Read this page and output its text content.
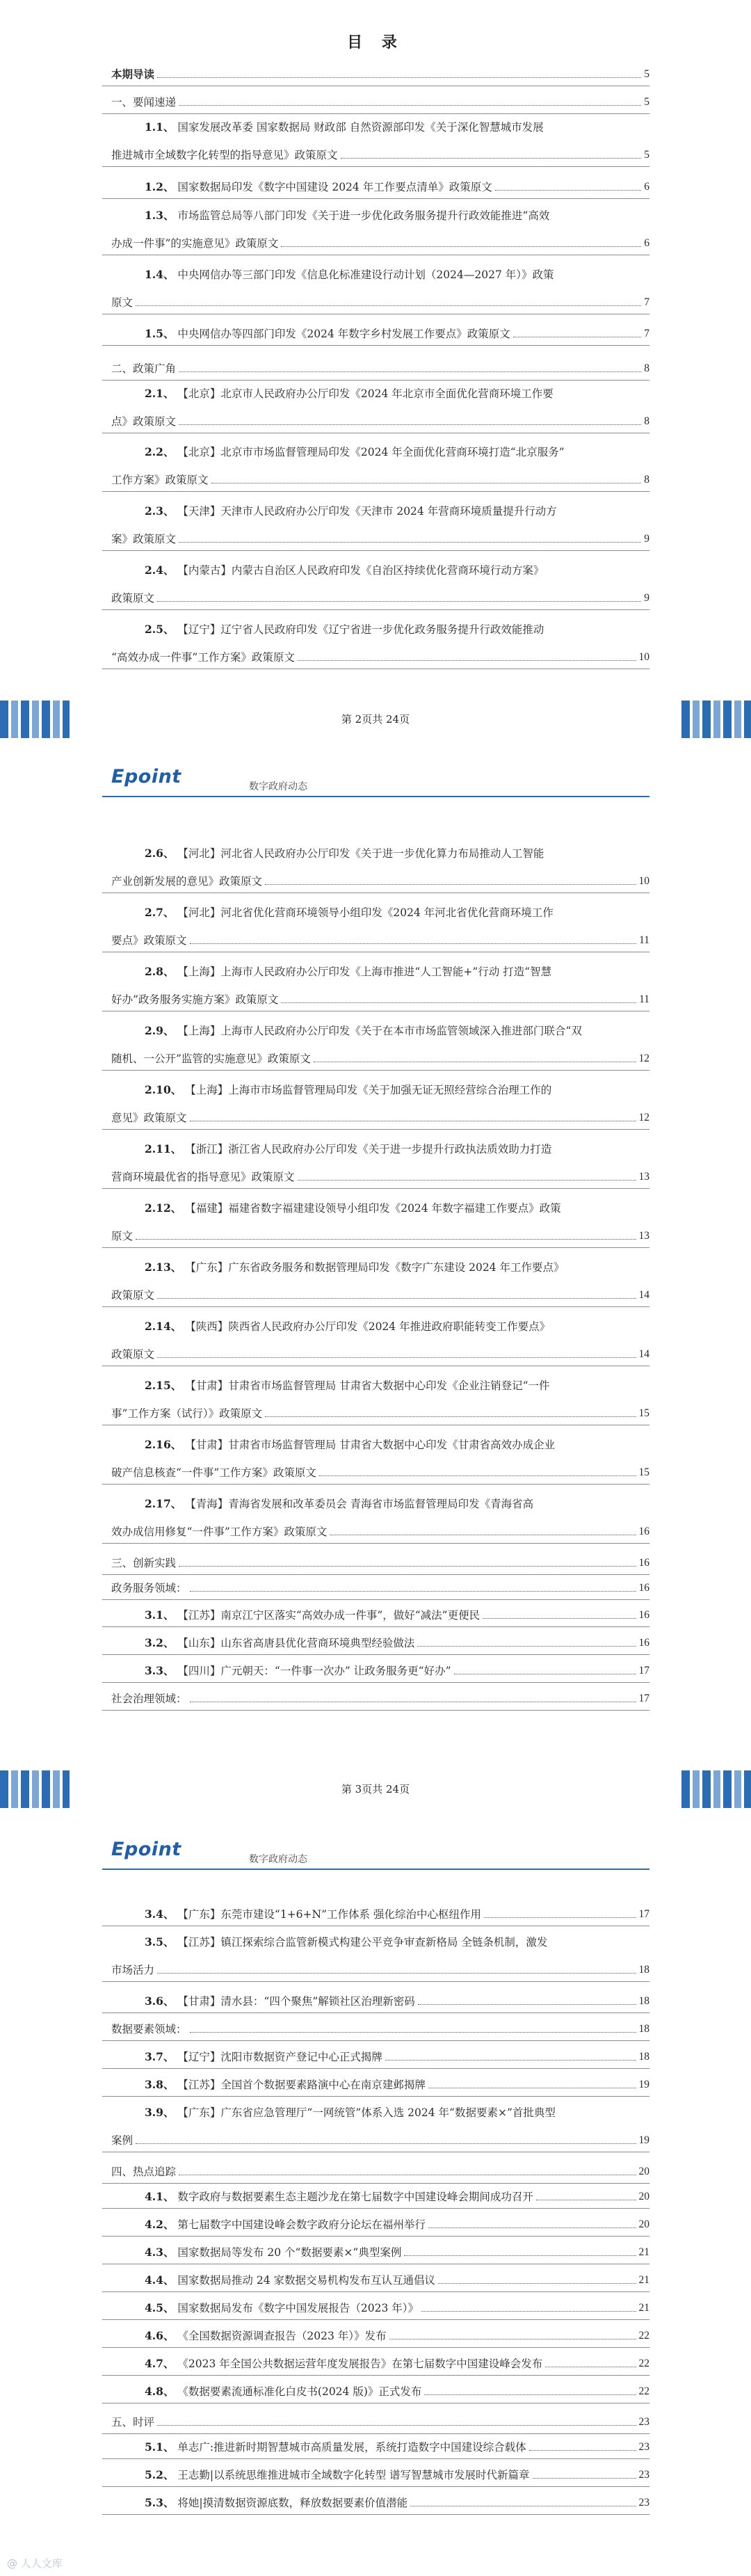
目 录
第 2页共 24页
Epoint	数字政府动态
第 3页共 24页
Epoint	数字政府动态
本期导读	5
一、要闻速递	5
1.1、 国家发展改革委 国家数据局 财政部 自然资源部印发《关于深化智慧城市发展
推进城市全域数字化转型的指导意见》政策原文	5
1.2、 国家数据局印发《数字中国建设 2024 年工作要点清单》政策原文	6
1.3、 市场监管总局等八部门印发《关于进一步优化政务服务提升行政效能推进“高效
办成一件事”的实施意见》政策原文	6
1.4、 中央网信办等三部门印发《信息化标准建设行动计划（2024—2027 年）》政策
原文	7
1.5、 中央网信办等四部门印发《2024 年数字乡村发展工作要点》政策原文	7
二、政策广角	8
2.1、 【北京】北京市人民政府办公厅印发《2024 年北京市全面优化营商环境工作要
点》政策原文	8
2.2、 【北京】北京市市场监督管理局印发《2024 年全面优化营商环境打造“北京服务”
工作方案》政策原文	8
2.3、 【天津】天津市人民政府办公厅印发《天津市 2024 年营商环境质量提升行动方
案》政策原文	9
2.4、 【内蒙古】内蒙古自治区人民政府印发《自治区持续优化营商环境行动方案》
政策原文	9
2.5、 【辽宁】辽宁省人民政府印发《辽宁省进一步优化政务服务提升行政效能推动
“高效办成一件事”工作方案》政策原文	10
2.6、 【河北】河北省人民政府办公厅印发《关于进一步优化算力布局推动人工智能
产业创新发展的意见》政策原文	10
2.7、 【河北】河北省优化营商环境领导小组印发《2024 年河北省优化营商环境工作
要点》政策原文	11
2.8、 【上海】上海市人民政府办公厅印发《上海市推进“人工智能+”行动 打造“智慧
好办”政务服务实施方案》政策原文	11
2.9、 【上海】上海市人民政府办公厅印发《关于在本市市场监管领域深入推进部门联合“双
随机、一公开”监管的实施意见》政策原文	12
2.10、 【上海】上海市市场监督管理局印发《关于加强无证无照经营综合治理工作的
意见》政策原文	12
2.11、 【浙江】浙江省人民政府办公厅印发《关于进一步提升行政执法质效助力打造
营商环境最优省的指导意见》政策原文	13
2.12、 【福建】福建省数字福建建设领导小组印发《2024 年数字福建工作要点》政策
原文	13
2.13、 【广东】广东省政务服务和数据管理局印发《数字广东建设 2024 年工作要点》
政策原文	14
2.14、 【陕西】陕西省人民政府办公厅印发《2024 年推进政府职能转变工作要点》
政策原文	14
2.15、 【甘肃】甘肃省市场监督管理局 甘肃省大数据中心印发《企业注销登记“一件
事”工作方案（试行）》政策原文	15
2.16、 【甘肃】甘肃省市场监督管理局 甘肃省大数据中心印发《甘肃省高效办成企业
破产信息核查“一件事”工作方案》政策原文	15
2.17、 【青海】青海省发展和改革委员会 青海省市场监督管理局印发《青海省高
效办成信用修复“一件事”工作方案》政策原文	16
三、创新实践	16
政务服务领域：	16
3.1、 【江苏】南京江宁区落实“高效办成一件事”，做好“减法”更便民	16
3.2、 【山东】山东省高唐县优化营商环境典型经验做法	16
3.3、 【四川】广元朝天：“一件事一次办” 让政务服务更“好办”	17
社会治理领域：	17
3.4、 【广东】东莞市建设“1+6+N”工作体系 强化综治中心枢纽作用	17
3.5、 【江苏】镇江探索综合监管新模式构建公平竞争审查新格局 全链条机制，激发
市场活力	18
3.6、 【甘肃】清水县：“四个聚焦”解锁社区治理新密码	18
数据要素领域：	18
3.7、 【辽宁】沈阳市数据资产登记中心正式揭牌	18
3.8、 【江苏】全国首个数据要素路演中心在南京建邺揭牌	19
3.9、 【广东】广东省应急管理厅“一网统管”体系入选 2024 年“数据要素×”首批典型
案例	19
四、热点追踪	20
4.1、 数字政府与数据要素生态主题沙龙在第七届数字中国建设峰会期间成功召开	20
4.2、 第七届数字中国建设峰会数字政府分论坛在福州举行	20
4.3、 国家数据局等发布 20 个“数据要素×”典型案例	21
4.4、 国家数据局推动 24 家数据交易机构发布互认互通倡议	21
4.5、 国家数据局发布《数字中国发展报告（2023 年）》	21
4.6、 《全国数据资源调查报告（2023 年）》发布	22
4.7、 《2023 年全国公共数据运营年度发展报告》在第七届数字中国建设峰会发布	22
4.8、 《数据要素流通标准化白皮书(2024 版)》正式发布	22
五、时评	23
5.1、 单志广:推进新时期智慧城市高质量发展，系统打造数字中国建设综合载体	23
5.2、 王志勤|以系统思维推进城市全域数字化转型 谱写智慧城市发展时代新篇章	23
5.3、 将她|摸清数据资源底数，释放数据要素价值潜能	23
@ 人人文库
